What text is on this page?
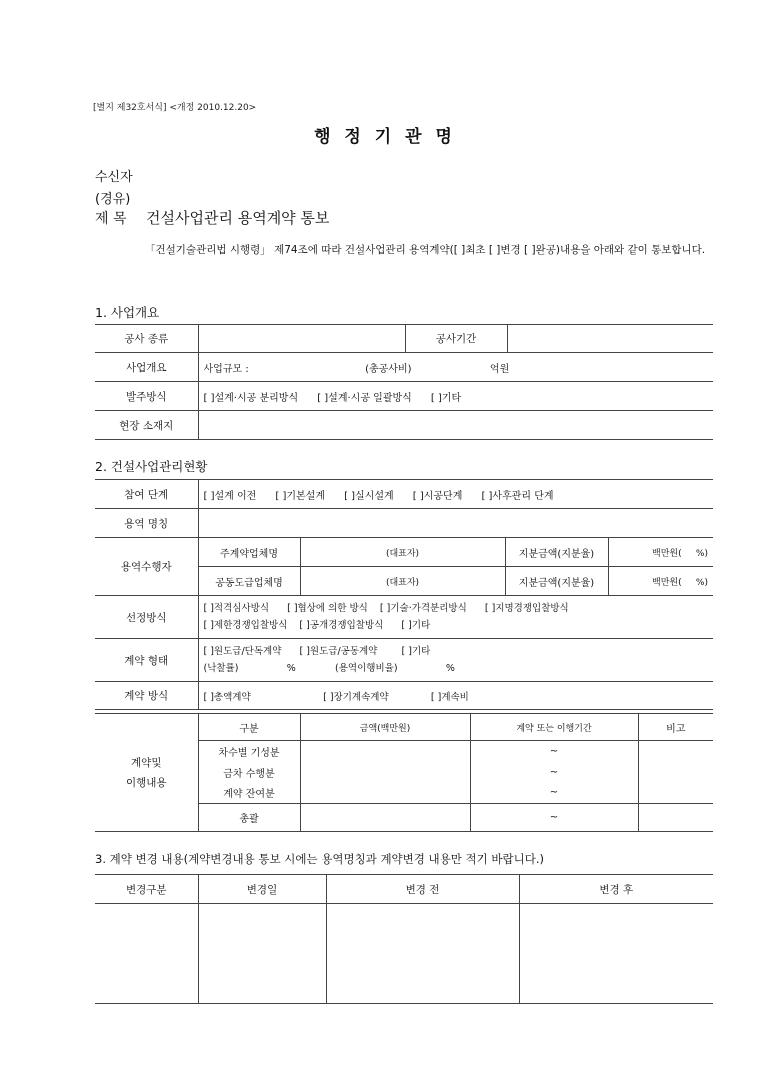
[별지 제32호서식] <개정 2010.12.20>
행 정 기 관 명
수신자
(경유)
제 목 건설사업관리 용역계약 통보
「건설기술관리법 시행령」 제74조에 따라 건설사업관리 용역계약([ ]최초 [ ]변경 [ ]완공)내용을 아래와 같이 통보합니다.
1. 사업개요
공사 종류		공사기간	
사업개요	사업규모 : (총공사비) 억원		
발주방식	[ ]설계·시공 분리방식      [ ]설계·시공 일괄방식      [ ]기타		
현장 소재지			
2. 건설사업관리현황
참여 단계	[ ]설계 이전      [ ]기본설계      [ ]실시설계      [ ]시공단계      [ ]사후관리 단계			
용역 명칭				
용역수행자	주계약업체명	(대표자)	지분금액(지분율)	백만원(     %)
	공동도급업체명	(대표자)	지분금액(지분율)	백만원(     %)
선정방식	[ ]적격심사방식      [ ]협상에 의한 방식    [ ]기술·가격분리방식      [ ]지명경쟁입찰방식
[ ]제한경쟁입찰방식    [ ]공개경쟁입찰방식      [ ]기타			

계약 형태	[ ]원도급/단독계약      [ ]원도급/공동계약        [ ]기타
(낙찰률)                %             (용역이행비율)                %			

계약 방식	[ ]총액계약                        [ ]장기계속계약              [ ]계속비			
계약및
이행내용	구분	금액(백만원)	계약 또는 이행기간	비고
	차수별 기성분		~	
	금차 수행분		~	
	계약 잔여분		~	
	총괄		~	
3. 계약 변경 내용(계약변경내용 통보 시에는 용역명칭과 계약변경 내용만 적기 바랍니다.)
변경구분	변경일	변경 전	변경 후
